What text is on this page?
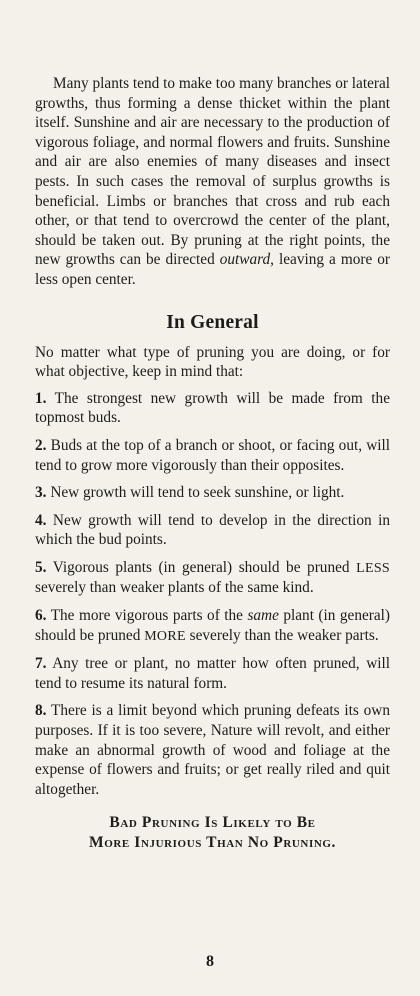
Many plants tend to make too many branches or lateral growths, thus forming a dense thicket within the plant itself. Sunshine and air are necessary to the production of vigorous foliage, and normal flowers and fruits. Sunshine and air are also enemies of many diseases and insect pests. In such cases the removal of surplus growths is beneficial. Limbs or branches that cross and rub each other, or that tend to overcrowd the center of the plant, should be taken out. By pruning at the right points, the new growths can be directed outward, leaving a more or less open center.

In General

No matter what type of pruning you are doing, or for what objective, keep in mind that:

1. The strongest new growth will be made from the topmost buds.
2. Buds at the top of a branch or shoot, or facing out, will tend to grow more vigorously than their opposites.
3. New growth will tend to seek sunshine, or light.
4. New growth will tend to develop in the direction in which the bud points.
5. Vigorous plants (in general) should be pruned LESS severely than weaker plants of the same kind.
6. The more vigorous parts of the same plant (in general) should be pruned MORE severely than the weaker parts.
7. Any tree or plant, no matter how often pruned, will tend to resume its natural form.
8. There is a limit beyond which pruning defeats its own purposes. If it is too severe, Nature will revolt, and either make an abnormal growth of wood and foliage at the expense of flowers and fruits; or get really riled and quit altogether.
Bad Pruning Is Likely to Be
More Injurious Than No Pruning.
8
